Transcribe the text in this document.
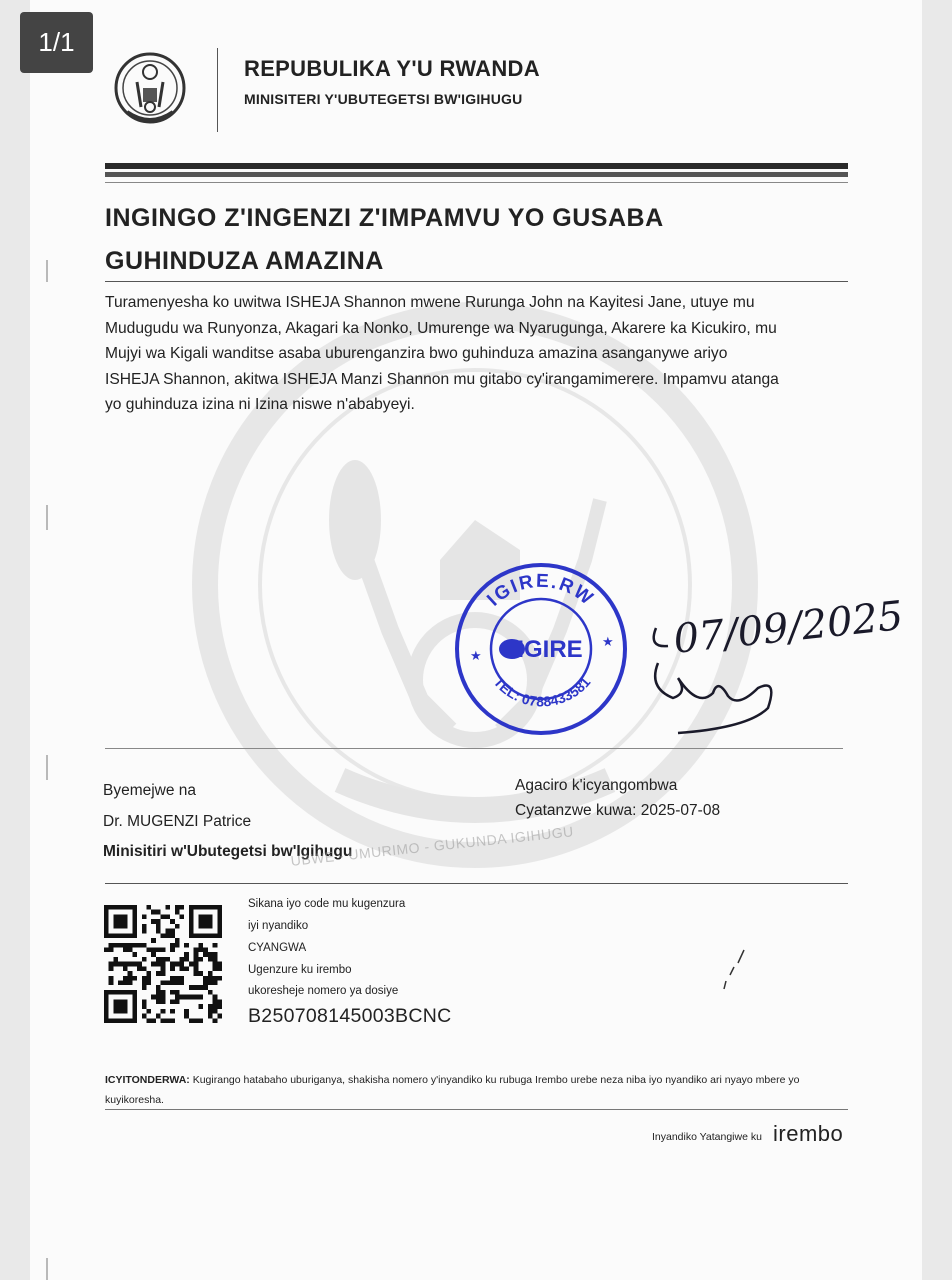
1/1
REPUBULIKA Y'U RWANDA
MINISITERI Y'UBUTEGETSI BW'IGIHUGU
INGINGO Z'INGENZI Z'IMPAMVU YO GUSABA
GUHINDUZA AMAZINA
Turamenyesha ko uwitwa ISHEJA Shannon mwene Rurunga John na Kayitesi Jane, utuye mu
Mudugudu wa Runyonza, Akagari ka Nonko, Umurenge wa Nyarugunga, Akarere ka Kicukiro, mu
Mujyi wa Kigali wanditse asaba uburenganzira bwo guhinduza amazina asanganywe ariyo
ISHEJA Shannon, akitwa ISHEJA Manzi Shannon mu gitabo cy'irangamimerere. Impamvu atanga
yo guhinduza izina ni Izina niswe n'ababyeyi.
IGIRE.RW
TEL: 0788433581
★
★
IGIRE 07/09/2025
Byemejwe na
Dr. MUGENZI Patrice
Minisitiri w'Ubutegetsi bw'Igihugu
Agaciro k'icyangombwa
Cyatanzwe kuwa: 2025-07-08
UBWE - UMURIMO - GUKUNDA IGIHUGU
Sikana iyo code mu kugenzura
iyi nyandiko
CYANGWA
Ugenzure ku irembo
ukoresheje nomero ya dosiye
B250708145003BCNC
ICYITONDERWA: Kugirango hatabaho uburiganya, shakisha nomero y'inyandiko ku rubuga Irembo urebe neza niba iyo nyandiko ari nyayo mbere yo kuyikoresha.
Inyandiko Yatangiwe ku irembo
